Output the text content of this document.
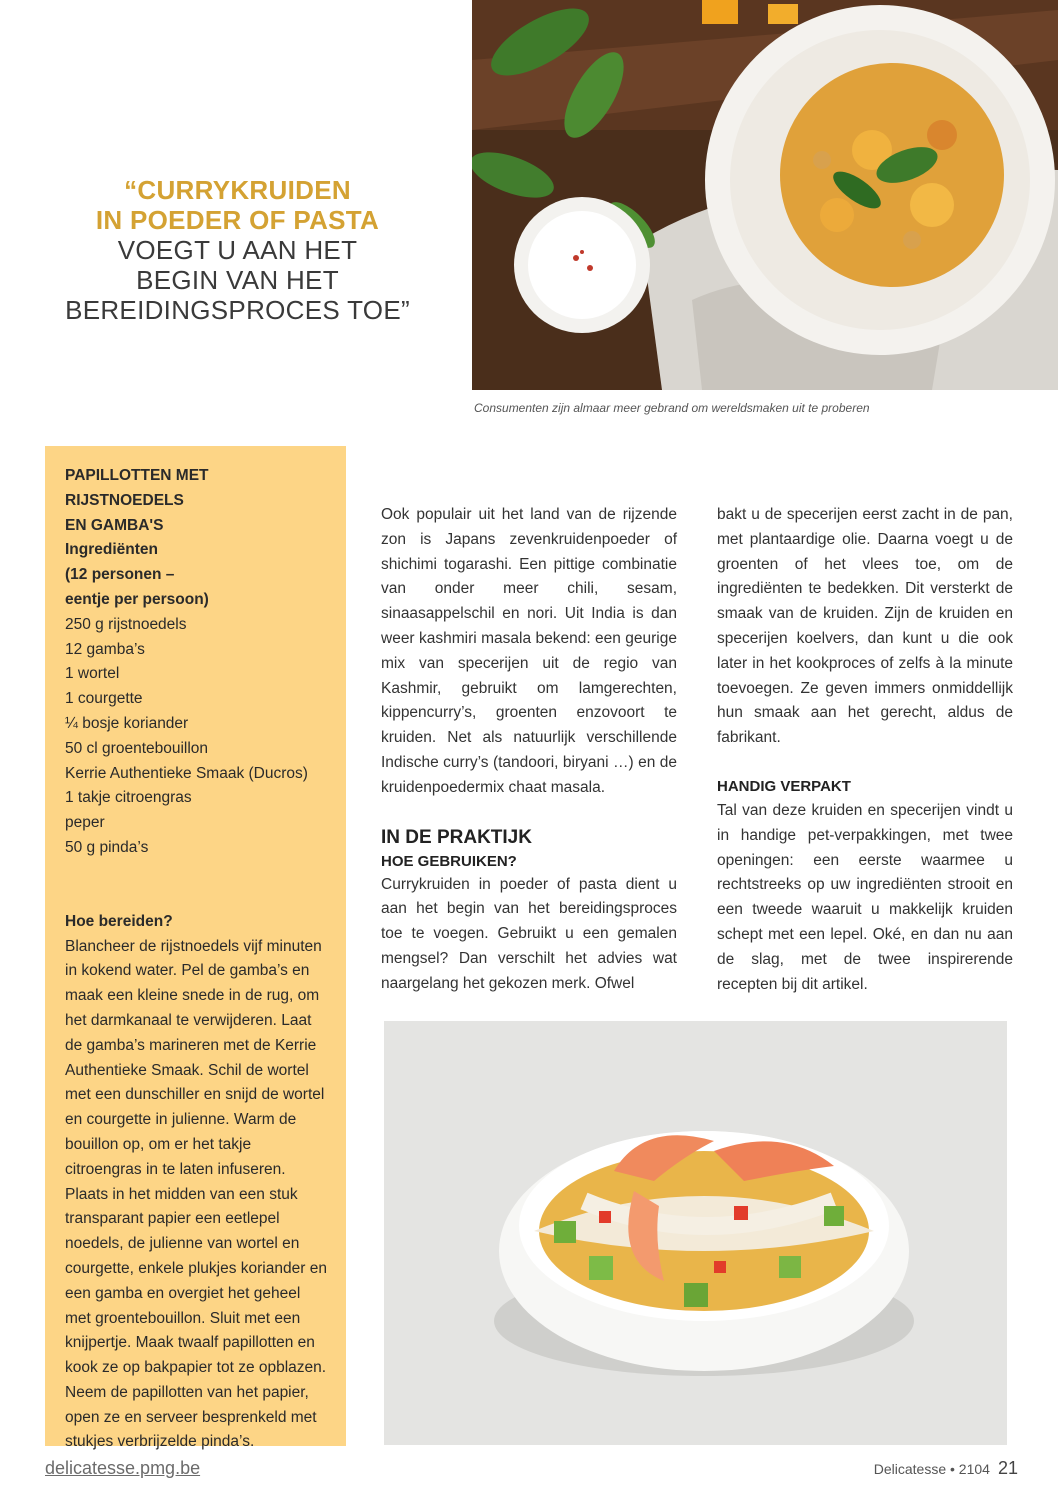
“CURRYKRUIDEN
IN POEDER OF PASTA
VOEGT U AAN HET
BEGIN VAN HET
BEREIDINGSPROCES TOE”
Consumenten zijn almaar meer gebrand om wereldsmaken uit te proberen
PAPILLOTTEN MET RIJSTNOEDELS
EN GAMBA'S
Ingrediënten
(12 personen –
eentje per persoon)
250 g rijstnoedels
12 gamba’s
1 wortel
1 courgette
¼ bosje koriander
50 cl groentebouillon
Kerrie Authentieke Smaak (Ducros)
1 takje citroengras
peper
50 g pinda’s
Hoe bereiden?
Blancheer de rijstnoedels vijf minuten in kokend water. Pel de gamba’s en maak een kleine snede in de rug, om het darmkanaal te verwijderen. Laat de gamba’s marineren met de Kerrie Authentieke Smaak. Schil de wortel met een dunschiller en snijd de wortel en courgette in julienne. Warm de bouillon op, om er het takje citroengras in te laten infuseren. Plaats in het midden van een stuk transparant papier een eetlepel noedels, de julienne van wortel en courgette, enkele plukjes koriander en een gamba en overgiet het geheel met groentebouillon. Sluit met een knijpertje. Maak twaalf papillotten en kook ze op bakpapier tot ze opblazen. Neem de papillotten van het papier, open ze en serveer besprenkeld met stukjes verbrijzelde pinda’s.

Ook populair uit het land van de rijzende zon is Japans zevenkruidenpoeder of shichimi togarashi. Een pittige combinatie van onder meer chili, sesam, sinaasappelschil en nori. Uit India is dan weer kashmiri masala bekend: een geurige mix van specerijen uit de regio van Kashmir, gebruikt om lamgerechten, kippencurry’s, groenten enzovoort te kruiden. Net als natuurlijk verschillende Indische curry’s (tandoori, biryani …) en de kruidenpoedermix chaat masala.

IN DE PRAKTIJK
HOE GEBRUIKEN?

Currykruiden in poeder of pasta dient u aan het begin van het bereidingsproces toe te voegen. Gebruikt u een gemalen mengsel? Dan verschilt het advies wat naargelang het gekozen merk. Ofwel

bakt u de specerijen eerst zacht in de pan, met plantaardige olie. Daarna voegt u de groenten of het vlees toe, om de ingrediënten te bedekken. Dit versterkt de smaak van de kruiden. Zijn de kruiden en specerijen koelvers, dan kunt u die ook later in het kookproces of zelfs à la minute toevoegen. Ze geven immers onmiddellijk hun smaak aan het gerecht, aldus de fabrikant.

HANDIG VERPAKT

Tal van deze kruiden en specerijen vindt u in handige pet-verpakkingen, met twee openingen: een eerste waarmee u rechtstreeks op uw ingrediënten strooit en een tweede waaruit u makkelijk kruiden schept met een lepel. Oké, en dan nu aan de slag, met de twee inspirerende recepten bij dit artikel.

delicatesse.pmg.be	Delicatesse • 2104 21
